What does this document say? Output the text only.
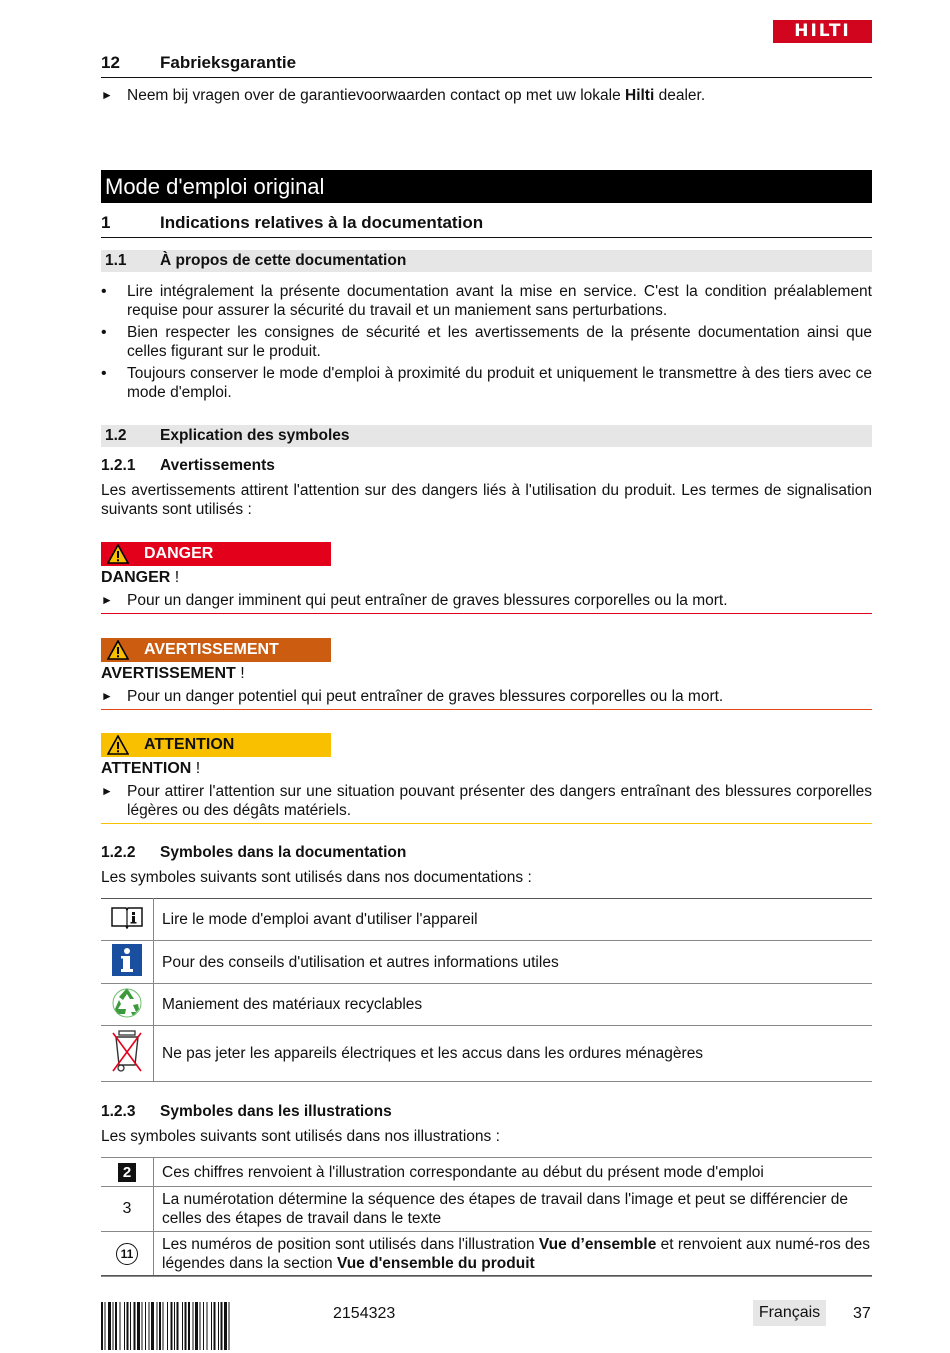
HILTI
12 Fabrieksgarantie
► Neem bij vragen over de garantievoorwaarden contact op met uw lokale Hilti dealer.
Mode d'emploi original
1	Indications relatives à la documentation
1.1 À propos de cette documentation
• Lire intégralement la présente documentation avant la mise en service. C'est la condition préalablement requise pour assurer la sécurité du travail et un maniement sans perturbations.
• Bien respecter les consignes de sécurité et les avertissements de la présente documentation ainsi que celles figurant sur le produit.
• Toujours conserver le mode d'emploi à proximité du produit et uniquement le transmettre à des tiers avec ce mode d'emploi.
1.2 Explication des symboles
1.2.1 Avertissements
Les avertissements attirent l'attention sur des dangers liés à l'utilisation du produit. Les termes de signalisation suivants sont utilisés :
DANGER
DANGER !
► Pour un danger imminent qui peut entraîner de graves blessures corporelles ou la mort.
AVERTISSEMENT
AVERTISSEMENT !
► Pour un danger potentiel qui peut entraîner de graves blessures corporelles ou la mort.
ATTENTION
ATTENTION !
► Pour attirer l'attention sur une situation pouvant présenter des dangers entraînant des blessures corporelles légères ou des dégâts matériels.
1.2.2 Symboles dans la documentation
Les symboles suivants sont utilisés dans nos documentations :
	Lire le mode d'emploi avant d'utiliser l'appareil
	Pour des conseils d'utilisation et autres informations utiles
	Maniement des matériaux recyclables
	Ne pas jeter les appareils électriques et les accus dans les ordures ménagères
1.2.3 Symboles dans les illustrations
Les symboles suivants sont utilisés dans nos illustrations :
2	Ces chiffres renvoient à l'illustration correspondante au début du présent mode d'emploi
3	La numérotation détermine la séquence des étapes de travail dans l'image et peut se différencier de celles des étapes de travail dans le texte
11	Les numéros de position sont utilisés dans l'illustration Vue d’ensemble et renvoient aux numé-ros des légendes dans la section Vue d'ensemble du produit
2154323	Français	37
